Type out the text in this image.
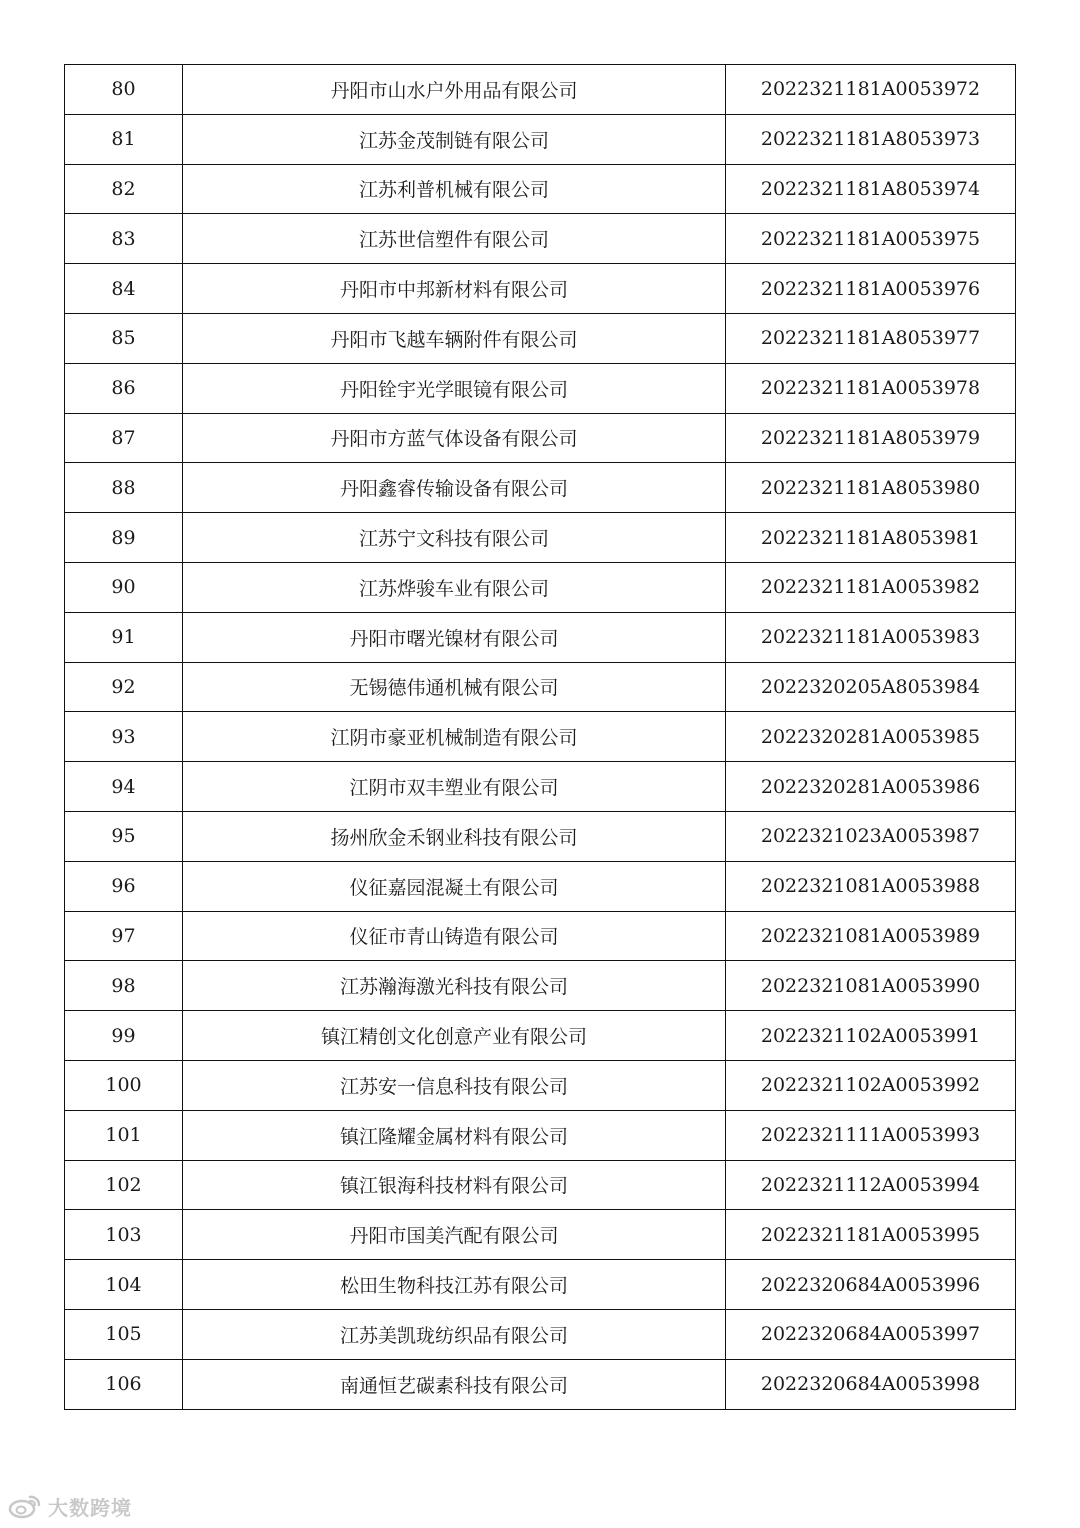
80	丹阳市山水户外用品有限公司	2022321181A0053972
81	江苏金茂制链有限公司	2022321181A8053973
82	江苏利普机械有限公司	2022321181A8053974
83	江苏世信塑件有限公司	2022321181A0053975
84	丹阳市中邦新材料有限公司	2022321181A0053976
85	丹阳市飞越车辆附件有限公司	2022321181A8053977
86	丹阳铨宇光学眼镜有限公司	2022321181A0053978
87	丹阳市方蓝气体设备有限公司	2022321181A8053979
88	丹阳鑫睿传输设备有限公司	2022321181A8053980
89	江苏宁文科技有限公司	2022321181A8053981
90	江苏烨骏车业有限公司	2022321181A0053982
91	丹阳市曙光镍材有限公司	2022321181A0053983
92	无锡德伟通机械有限公司	2022320205A8053984
93	江阴市豪亚机械制造有限公司	2022320281A0053985
94	江阴市双丰塑业有限公司	2022320281A0053986
95	扬州欣金禾钢业科技有限公司	2022321023A0053987
96	仪征嘉园混凝土有限公司	2022321081A0053988
97	仪征市青山铸造有限公司	2022321081A0053989
98	江苏瀚海激光科技有限公司	2022321081A0053990
99	镇江精创文化创意产业有限公司	2022321102A0053991
100	江苏安一信息科技有限公司	2022321102A0053992
101	镇江隆耀金属材料有限公司	2022321111A0053993
102	镇江银海科技材料有限公司	2022321112A0053994
103	丹阳市国美汽配有限公司	2022321181A0053995
104	松田生物科技江苏有限公司	2022320684A0053996
105	江苏美凯珑纺织品有限公司	2022320684A0053997
106	南通恒艺碳素科技有限公司	2022320684A0053998
大数跨境
